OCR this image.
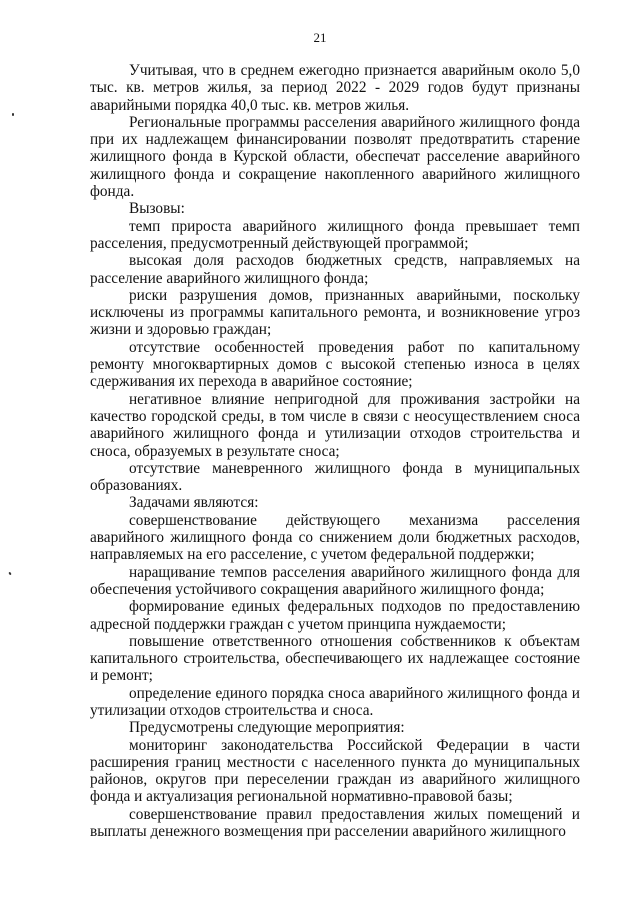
21

Учитывая, что в среднем ежегодно признается аварийным около 5,0 тыс. кв. метров жилья, за период 2022 - 2029 годов будут признаны аварийными порядка 40,0 тыс. кв. метров жилья.

Региональные программы расселения аварийного жилищного фонда при их надлежащем финансировании позволят предотвратить старение жилищного фонда в Курской области, обеспечат расселение аварийного жилищного фонда и сокращение накопленного аварийного жилищного фонда.

Вызовы:

темп прироста аварийного жилищного фонда превышает темп расселения, предусмотренный действующей программой;

высокая доля расходов бюджетных средств, направляемых на расселение аварийного жилищного фонда;

риски разрушения домов, признанных аварийными, поскольку исключены из программы капитального ремонта, и возникновение угроз жизни и здоровью граждан;

отсутствие особенностей проведения работ по капитальному ремонту многоквартирных домов с высокой степенью износа в целях сдерживания их перехода в аварийное состояние;

негативное влияние непригодной для проживания застройки на качество городской среды, в том числе в связи с неосуществлением сноса аварийного жилищного фонда и утилизации отходов строительства и сноса, образуемых в результате сноса;

отсутствие маневренного жилищного фонда в муниципальных образованиях.

Задачами являются:

совершенствование действующего механизма расселения аварийного жилищного фонда со снижением доли бюджетных расходов, направляемых на его расселение, с учетом федеральной поддержки;

наращивание темпов расселения аварийного жилищного фонда для обеспечения устойчивого сокращения аварийного жилищного фонда;

формирование единых федеральных подходов по предоставлению адресной поддержки граждан с учетом принципа нуждаемости;

повышение ответственного отношения собственников к объектам капитального строительства, обеспечивающего их надлежащее состояние и ремонт;

определение единого порядка сноса аварийного жилищного фонда и утилизации отходов строительства и сноса.

Предусмотрены следующие мероприятия:

мониторинг законодательства Российской Федерации в части расширения границ местности с населенного пункта до муниципальных районов, округов при переселении граждан из аварийного жилищного фонда и актуализация региональной нормативно-правовой базы;

совершенствование правил предоставления жилых помещений и выплаты денежного возмещения при расселении аварийного жилищного
